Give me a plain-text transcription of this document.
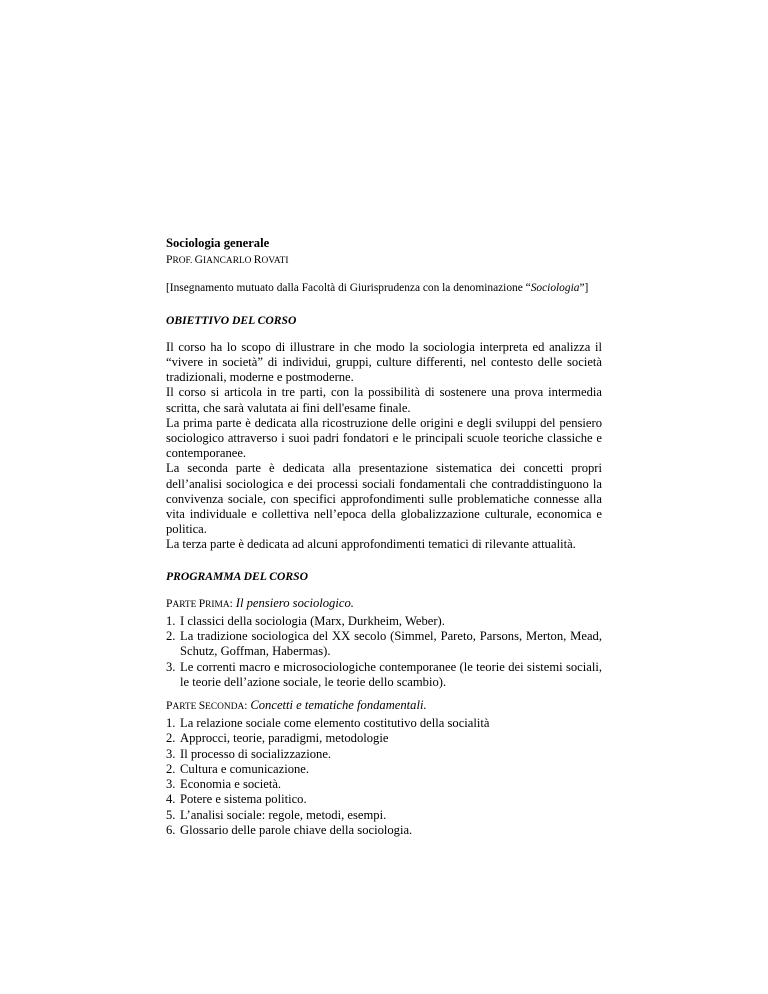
Sociologia generale

PROF. GIANCARLO ROVATI

[Insegnamento mutuato dalla Facoltà di Giurisprudenza con la denominazione “Sociologia”]

OBIETTIVO DEL CORSO

Il corso ha lo scopo di illustrare in che modo la sociologia interpreta ed analizza il “vivere in società” di individui, gruppi, culture differenti, nel contesto delle società tradizionali, moderne e postmoderne.

Il corso si articola in tre parti, con la possibilità di sostenere una prova intermedia scritta, che sarà valutata ai fini dell'esame finale.

La prima parte è dedicata alla ricostruzione delle origini e degli sviluppi del pensiero sociologico attraverso i suoi padri fondatori e le principali scuole teoriche classiche e contemporanee.

La seconda parte è dedicata alla presentazione sistematica dei concetti propri dell’analisi sociologica e dei processi sociali fondamentali che contraddistinguono la convivenza sociale, con specifici approfondimenti sulle problematiche connesse alla vita individuale e collettiva nell’epoca della globalizzazione culturale, economica e politica.

La terza parte è dedicata ad alcuni approfondimenti tematici di rilevante attualità.

PROGRAMMA DEL CORSO

PARTE PRIMA: Il pensiero sociologico.

1. I classici della sociologia (Marx, Durkheim, Weber).
2. La tradizione sociologica del XX secolo (Simmel, Pareto, Parsons, Merton, Mead, Schutz, Goffman, Habermas).
3. Le correnti macro e microsociologiche contemporanee (le teorie dei sistemi sociali, le teorie dell’azione sociale, le teorie dello scambio).

PARTE SECONDA: Concetti e tematiche fondamentali.

1. La relazione sociale come elemento costitutivo della socialità
2. Approcci, teorie, paradigmi, metodologie
3. Il processo di socializzazione.
2. Cultura e comunicazione.
3. Economia e società.
4. Potere e sistema politico.
5. L’analisi sociale: regole, metodi, esempi.
6. Glossario delle parole chiave della sociologia.
